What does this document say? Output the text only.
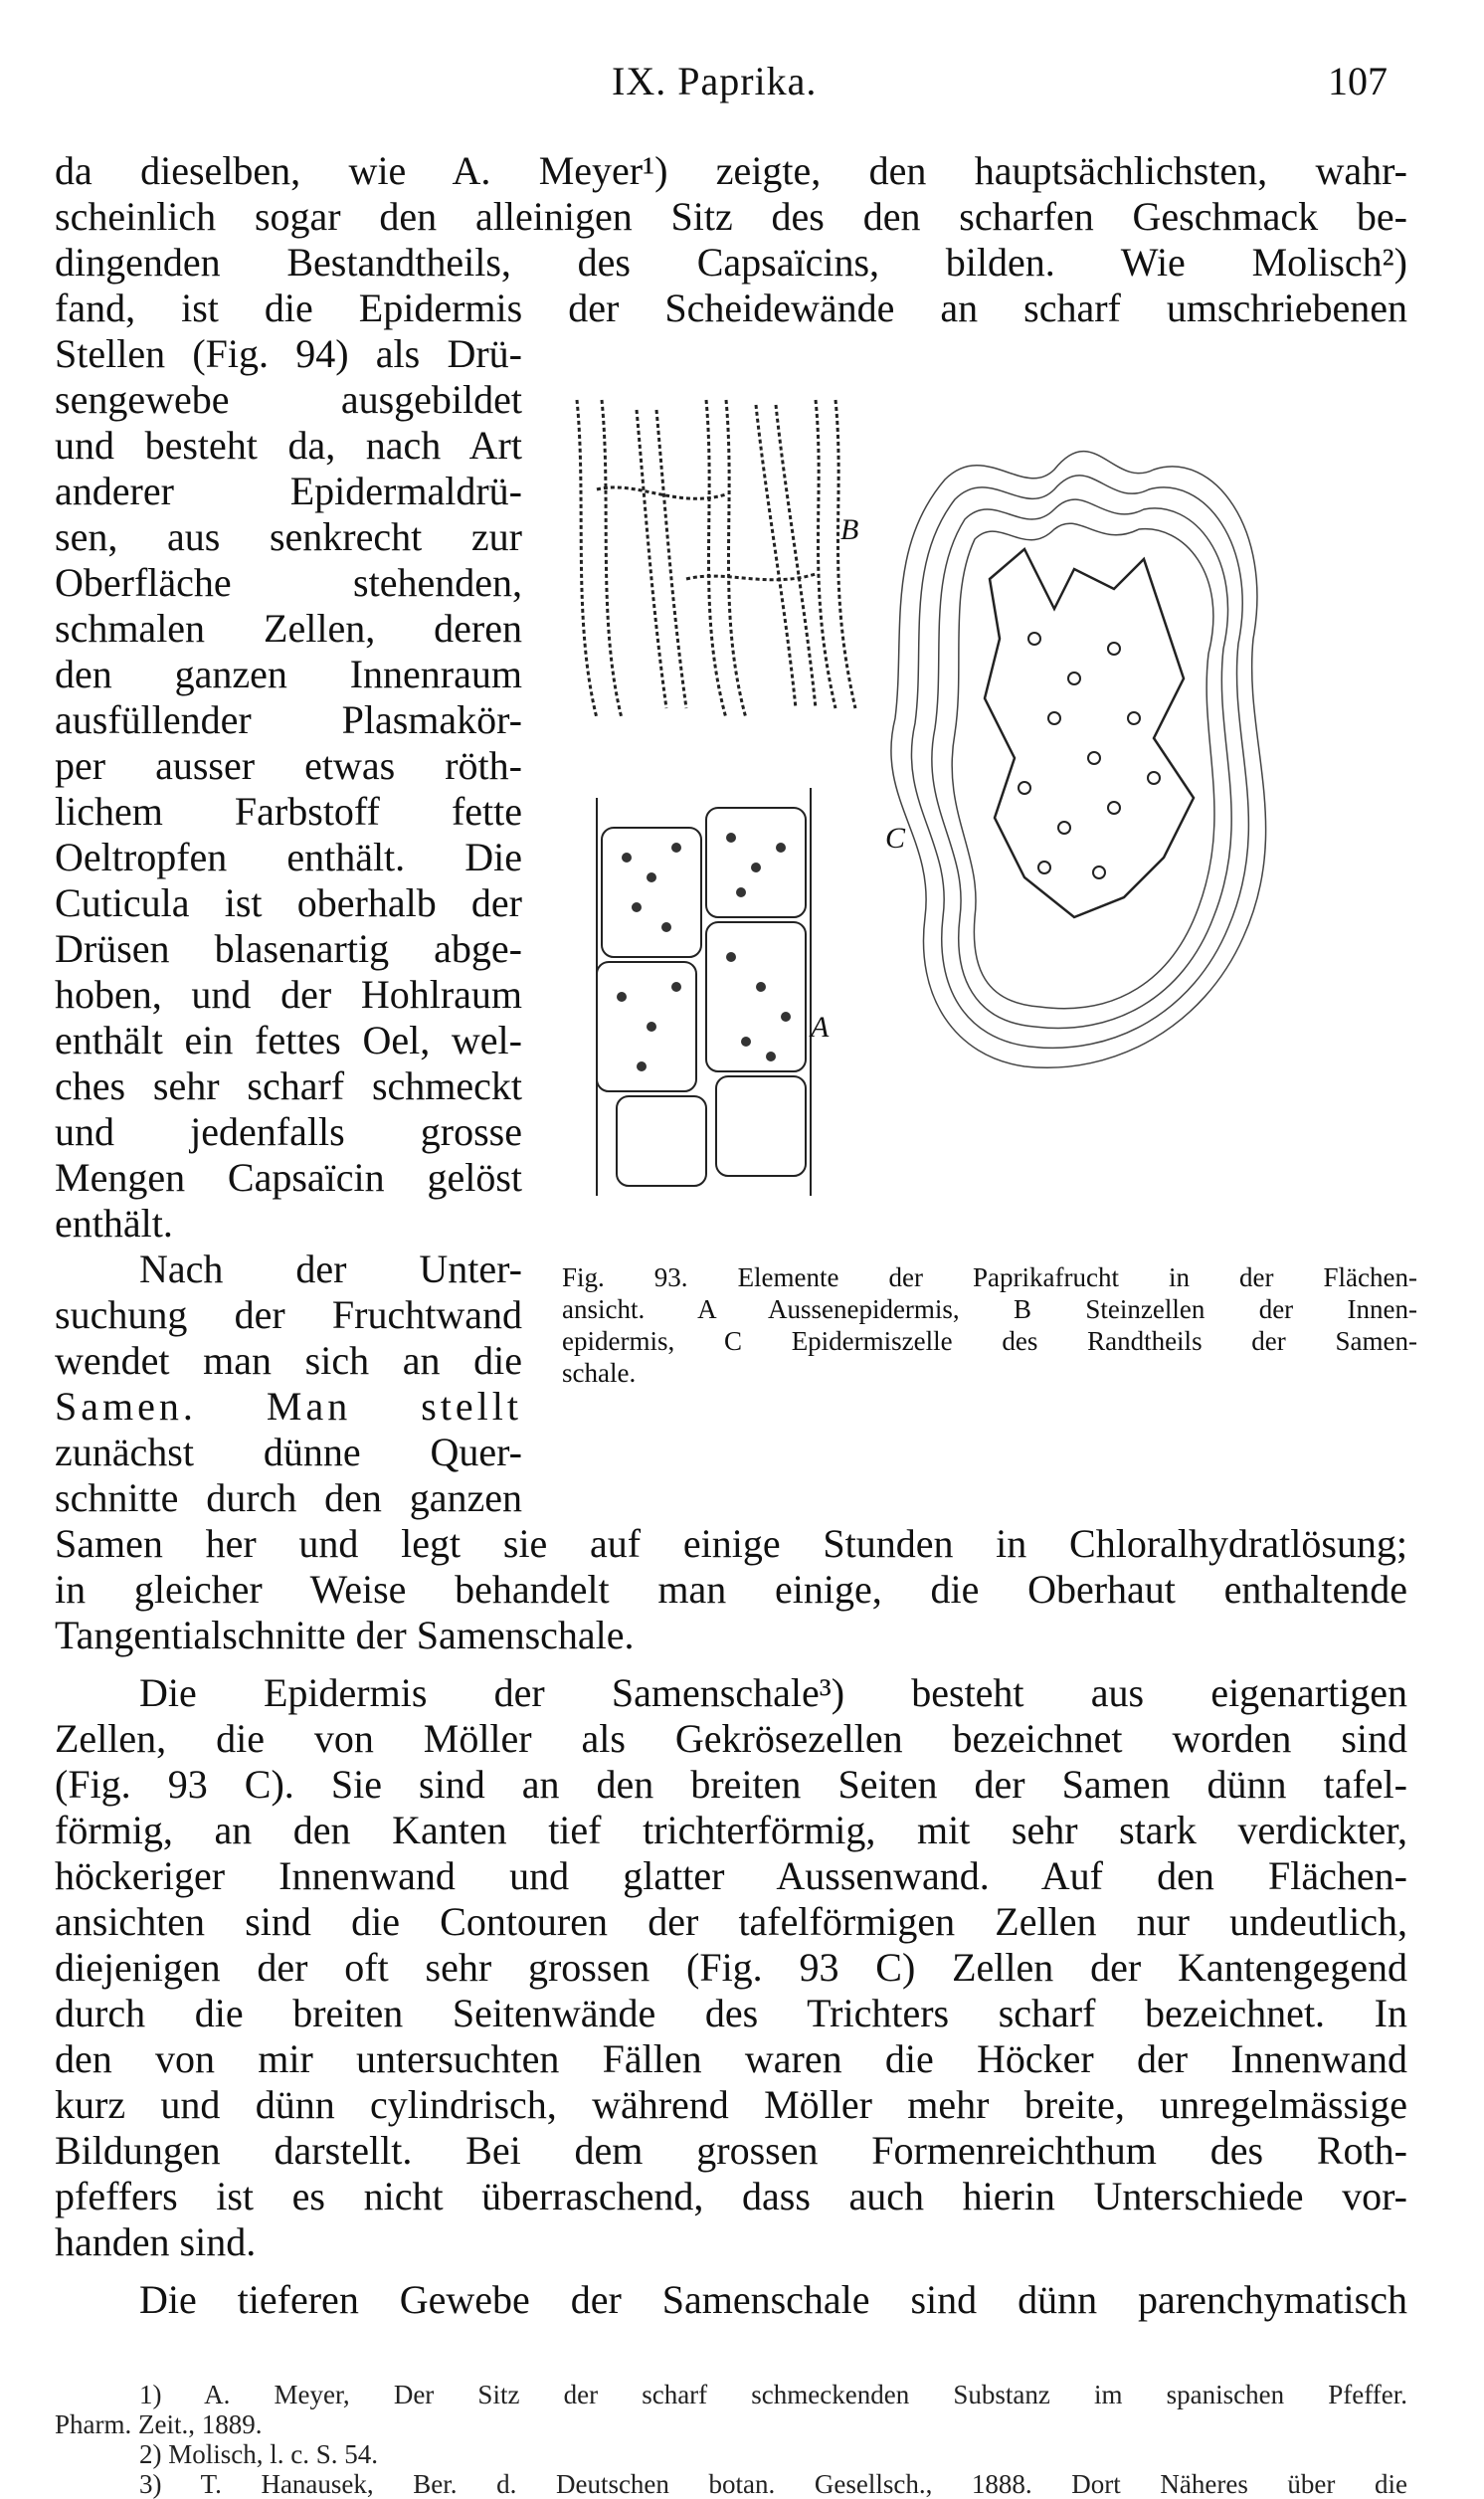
IX. Paprika.	107
da dieselben, wie A. Meyer¹) zeigte, den hauptsächlichsten, wahr-
scheinlich sogar den alleinigen Sitz des den scharfen Geschmack be-
dingenden Bestandtheils, des Capsaïcins, bilden. Wie Molisch²)
fand, ist die Epidermis der Scheidewände an scharf umschriebenen
Stellen (Fig. 94) als Drü-
sengewebe ausgebildet
und besteht da, nach Art
anderer Epidermaldrü-
sen, aus senkrecht zur
Oberfläche stehenden,
schmalen Zellen, deren
den ganzen Innenraum
ausfüllender Plasmakör-
per ausser etwas röth-
lichem Farbstoff fette
Oeltropfen enthält. Die
Cuticula ist oberhalb der
Drüsen blasenartig abge-
hoben, und der Hohlraum
enthält ein fettes Oel, wel-
ches sehr scharf schmeckt
und jedenfalls grosse
Mengen Capsaïcin gelöst
enthält.
Nach der Unter-
suchung der Fruchtwand
wendet man sich an die
Samen. Man stellt
zunächst dünne Quer-
schnitte durch den ganzen
Samen her und legt sie auf einige Stunden in Chloralhydratlösung;
in gleicher Weise behandelt man einige, die Oberhaut enthaltende
Tangentialschnitte der Samenschale.
Die Epidermis der Samenschale³) besteht aus eigenartigen
Zellen, die von Möller als Gekrösezellen bezeichnet worden sind
(Fig. 93 C). Sie sind an den breiten Seiten der Samen dünn tafel-
förmig, an den Kanten tief trichterförmig, mit sehr stark verdickter,
höckeriger Innenwand und glatter Aussenwand. Auf den Flächen-
ansichten sind die Contouren der tafelförmigen Zellen nur undeutlich,
diejenigen der oft sehr grossen (Fig. 93 C) Zellen der Kantengegend
durch die breiten Seitenwände des Trichters scharf bezeichnet. In
den von mir untersuchten Fällen waren die Höcker der Innenwand
kurz und dünn cylindrisch, während Möller mehr breite, unregelmässige
Bildungen darstellt. Bei dem grossen Formenreichthum des Roth-
pfeffers ist es nicht überraschend, dass auch hierin Unterschiede vor-
handen sind.
Die tieferen Gewebe der Samenschale sind dünn parenchymatisch
B
A
C
Fig. 93. Elemente der Paprikafrucht in der Flächen-
ansicht. A Aussenepidermis, B Steinzellen der Innen-
epidermis, C Epidermiszelle des Randtheils der Samen-
schale.
1) A. Meyer, Der Sitz der scharf schmeckenden Substanz im spanischen Pfeffer.
Pharm. Zeit., 1889.
2) Molisch, l. c. S. 54.
3) T. Hanausek, Ber. d. Deutschen botan. Gesellsch., 1888. Dort Näheres über die
